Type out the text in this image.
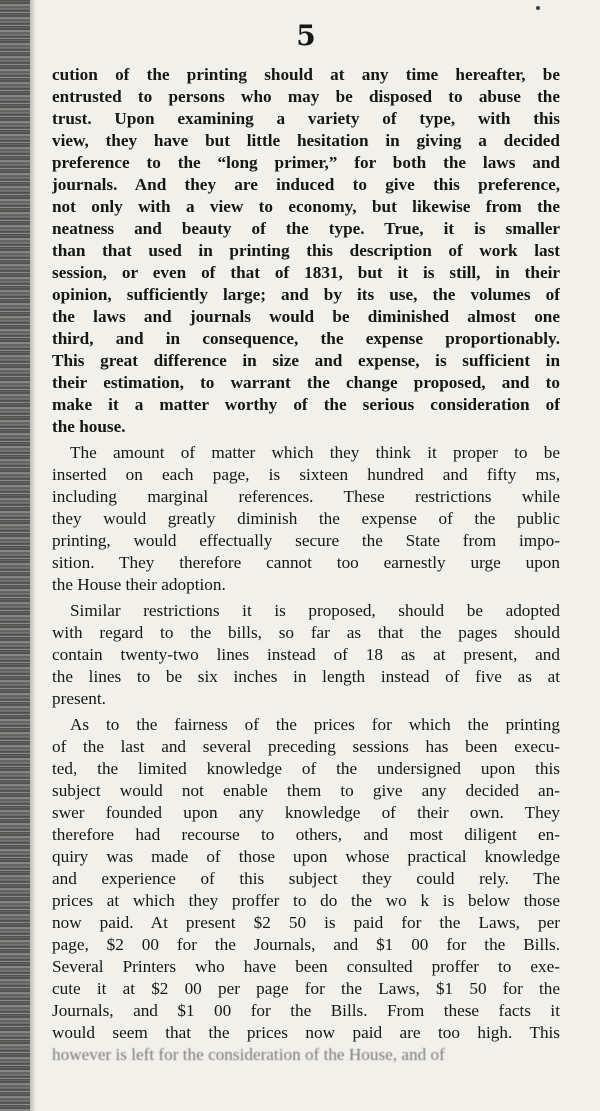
5
cution of the printing should at any time hereafter, be
entrusted to persons who may be disposed to abuse the
trust. Upon examining a variety of type, with this
view, they have but little hesitation in giving a decided
preference to the “long primer,” for both the laws and
journals. And they are induced to give this preference,
not only with a view to economy, but likewise from the
neatness and beauty of the type. True, it is smaller
than that used in printing this description of work last
session, or even of that of 1831, but it is still, in their
opinion, sufficiently large; and by its use, the volumes of
the laws and journals would be diminished almost one
third, and in consequence, the expense proportionably.
This great difference in size and expense, is sufficient in
their estimation, to warrant the change proposed, and to
make it a matter worthy of the serious consideration of
the house.
The amount of matter which they think it proper to be
inserted on each page, is sixteen hundred and fifty ms,
including marginal references. These restrictions while
they would greatly diminish the expense of the public
printing, would effectually secure the State from impo-
sition. They therefore cannot too earnestly urge upon
the House their adoption.
Similar restrictions it is proposed, should be adopted
with regard to the bills, so far as that the pages should
contain twenty-two lines instead of 18 as at present, and
the lines to be six inches in length instead of five as at
present.
As to the fairness of the prices for which the printing
of the last and several preceding sessions has been execu-
ted, the limited knowledge of the undersigned upon this
subject would not enable them to give any decided an-
swer founded upon any knowledge of their own. They
therefore had recourse to others, and most diligent en-
quiry was made of those upon whose practical knowledge
and experience of this subject they could rely. The
prices at which they proffer to do the wo k is below those
now paid. At present $2 50 is paid for the Laws, per
page, $2 00 for the Journals, and $1 00 for the Bills.
Several Printers who have been consulted proffer to exe-
cute it at $2 00 per page for the Laws, $1 50 for the
Journals, and $1 00 for the Bills. From these facts it
would seem that the prices now paid are too high. This
however is left for the consideration of the House, and of
